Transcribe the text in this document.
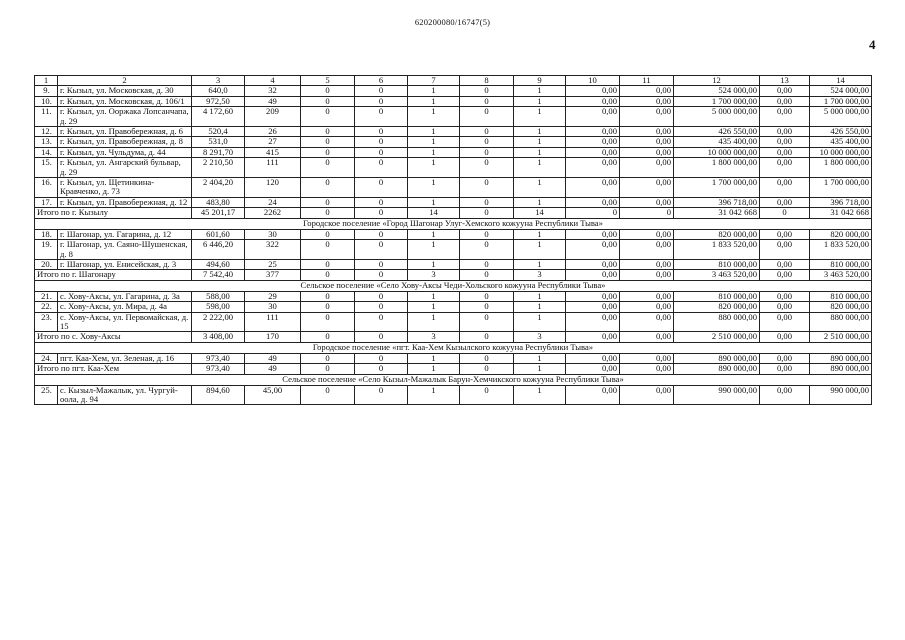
620200080/16747(5)
4
1	2	3	4	5	6	7	8	9	10	11	12	13	14
9.	г. Кызыл, ул. Московская, д. 30	640,0	32	0	0	1	0	1	0,00	0,00	524 000,00	0,00	524 000,00
10.	г. Кызыл, ул. Московская, д. 106/1	972,50	49	0	0	1	0	1	0,00	0,00	1 700 000,00	0,00	1 700 000,00
11.	г. Кызыл, ул. Ооржака Лопсанчапа, д. 29	4 172,60	209	0	0	1	0	1	0,00	0,00	5 000 000,00	0,00	5 000 000,00
12.	г. Кызыл, ул. Правобережная, д. 6	520,4	26	0	0	1	0	1	0,00	0,00	426 550,00	0,00	426 550,00
13.	г. Кызыл, ул. Правобережная, д. 8	531,0	27	0	0	1	0	1	0,00	0,00	435 400,00	0,00	435 400,00
14.	г. Кызыл, ул. Чульдума, д. 44	8 291,70	415	0	0	1	0	1	0,00	0,00	10 000 000,00	0,00	10 000 000,00
15.	г. Кызыл, ул. Ангарский бульвар, д. 29	2 210,50	111	0	0	1	0	1	0,00	0,00	1 800 000,00	0,00	1 800 000,00
16.	г. Кызыл, ул. Щетинкина-Кравченко, д. 73	2 404,20	120	0	0	1	0	1	0,00	0,00	1 700 000,00	0,00	1 700 000,00
17.	г. Кызыл, ул. Правобережная, д. 12	483,80	24	0	0	1	0	1	0,00	0,00	396 718,00	0,00	396 718,00
Итого по г. Кызылу		45 201,17	2262	0	0	14	0	14	0	0	31 042 668	0	31 042 668
Городское поселение «Город Шагонар Улуг-Хемского кожууна Республики Тыва»													
18.	г. Шагонар, ул. Гагарина, д. 12	601,60	30	0	0	1	0	1	0,00	0,00	820 000,00	0,00	820 000,00
19.	г. Шагонар, ул. Саяно-Шушенская, д. 8	6 446,20	322	0	0	1	0	1	0,00	0,00	1 833 520,00	0,00	1 833 520,00
20.	г. Шагонар, ул. Енисейская, д. 3	494,60	25	0	0	1	0	1	0,00	0,00	810 000,00	0,00	810 000,00
Итого по г. Шагонару		7 542,40	377	0	0	3	0	3	0,00	0,00	3 463 520,00	0,00	3 463 520,00
Сельское поселение «Село Хову-Аксы Чеди-Хольского кожууна Республики Тыва»													
21.	с. Хову-Аксы, ул. Гагарина, д. 3а	588,00	29	0	0	1	0	1	0,00	0,00	810 000,00	0,00	810 000,00
22.	с. Хову-Аксы, ул. Мира, д. 4а	598,00	30	0	0	1	0	1	0,00	0,00	820 000,00	0,00	820 000,00
23.	с. Хову-Аксы, ул. Первомайская, д. 15	2 222,00	111	0	0	1	0	1	0,00	0,00	880 000,00	0,00	880 000,00
Итого по с. Хову-Аксы		3 408,00	170	0	0	3	0	3	0,00	0,00	2 510 000,00	0,00	2 510 000,00
Городское поселение «пгт. Каа-Хем Кызылского кожууна Республики Тыва»													
24.	пгт. Каа-Хем, ул. Зеленая, д. 16	973,40	49	0	0	1	0	1	0,00	0,00	890 000,00	0,00	890 000,00
Итого по пгт. Каа-Хем		973,40	49	0	0	1	0	1	0,00	0,00	890 000,00	0,00	890 000,00
Сельское поселение «Село Кызыл-Мажалык Барун-Хемчикского кожууна Республики Тыва»													
25.	с. Кызыл-Мажалык, ул. Чургуй-оола, д. 94	894,60	45,00	0	0	1	0	1	0,00	0,00	990 000,00	0,00	990 000,00
